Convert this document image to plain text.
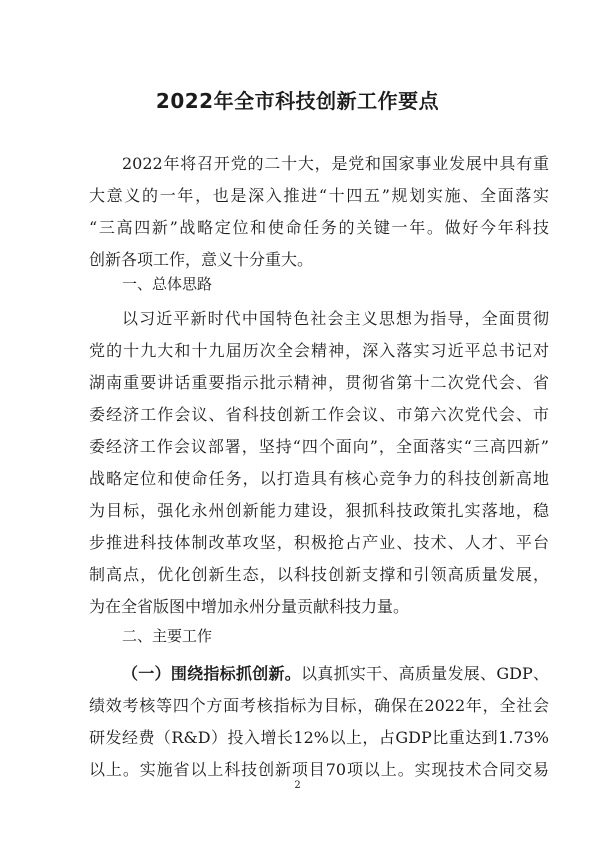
2022年全市科技创新工作要点
2022年将召开党的二十大，是党和国家事业发展中具有重
大意义的一年，也是深入推进“十四五”规划实施、全面落实
“三高四新”战略定位和使命任务的关键一年。做好今年科技
创新各项工作，意义十分重大。
一、总体思路
以习近平新时代中国特色社会主义思想为指导，全面贯彻
党的十九大和十九届历次全会精神，深入落实习近平总书记对
湖南重要讲话重要指示批示精神，贯彻省第十二次党代会、省
委经济工作会议、省科技创新工作会议、市第六次党代会、市
委经济工作会议部署，坚持“四个面向”，全面落实“三高四新”
战略定位和使命任务，以打造具有核心竞争力的科技创新高地
为目标，强化永州创新能力建设，狠抓科技政策扎实落地，稳
步推进科技体制改革攻坚，积极抢占产业、技术、人才、平台
制高点，优化创新生态，以科技创新支撑和引领高质量发展，
为在全省版图中增加永州分量贡献科技力量。
二、主要工作
（一）围绕指标抓创新。以真抓实干、高质量发展、GDP、
绩效考核等四个方面考核指标为目标，确保在2022年，全社会
研发经费（R&D）投入增长12%以上，占GDP比重达到1.73%
以上。实施省以上科技创新项目70项以上。实现技术合同交易
2
